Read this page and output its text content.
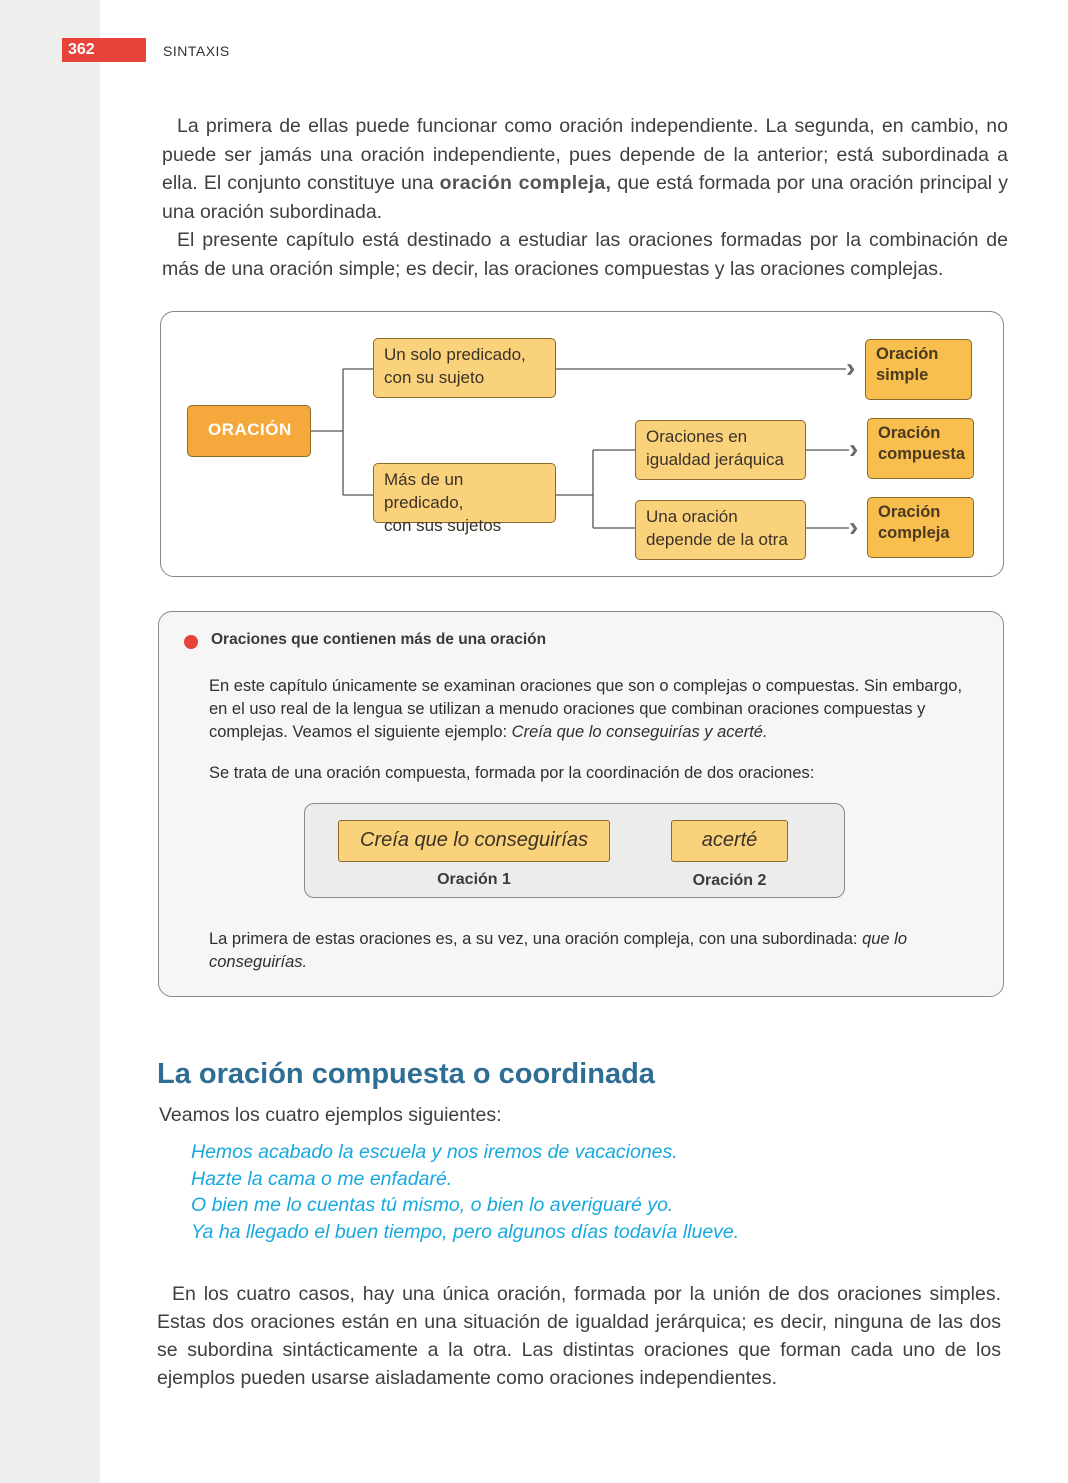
362	SINTAXIS

La primera de ellas puede funcionar como oración independiente. La segunda, en cambio, no puede ser jamás una oración independiente, pues depende de la anterior; está subordinada a ella. El conjunto constituye una oración compleja, que está formada por una oración principal y una oración subordinada.

El presente capítulo está destinado a estudiar las oraciones formadas por la combinación de más de una oración simple; es decir, las oraciones compuestas y las oraciones complejas.

ORACIÓN
Un solo predicado,
con su sujeto
Más de un predicado,
con sus sujetos
Oraciones en
igualdad jeráquica
Una oración
depende de la otra
›
›
›
Oración
simple
Oración
compuesta
Oración
compleja
Oraciones que contienen más de una oración

En este capítulo únicamente se examinan oraciones que son o complejas o compuestas. Sin embargo, en el uso real de la lengua se utilizan a menudo oraciones que combinan oraciones compuestas y complejas. Veamos el siguiente ejemplo: Creía que lo conseguirías y acerté.

Se trata de una oración compuesta, formada por la coordinación de dos oraciones:
Creía que lo conseguirías	acerté
Oración 1	Oración 2

La primera de estas oraciones es, a su vez, una oración compleja, con una subordinada: que lo conseguirías.

La oración compuesta o coordinada
Veamos los cuatro ejemplos siguientes:
Hemos acabado la escuela y nos iremos de vacaciones.
Hazte la cama o me enfadaré.
O bien me lo cuentas tú mismo, o bien lo averiguaré yo.
Ya ha llegado el buen tiempo, pero algunos días todavía llueve.

En los cuatro casos, hay una única oración, formada por la unión de dos oraciones simples. Estas dos oraciones están en una situación de igualdad jerárquica; es decir, ninguna de las dos se subordina sintácticamente a la otra. Las distintas oraciones que forman cada uno de los ejemplos pueden usarse aisladamente como oraciones independientes.
